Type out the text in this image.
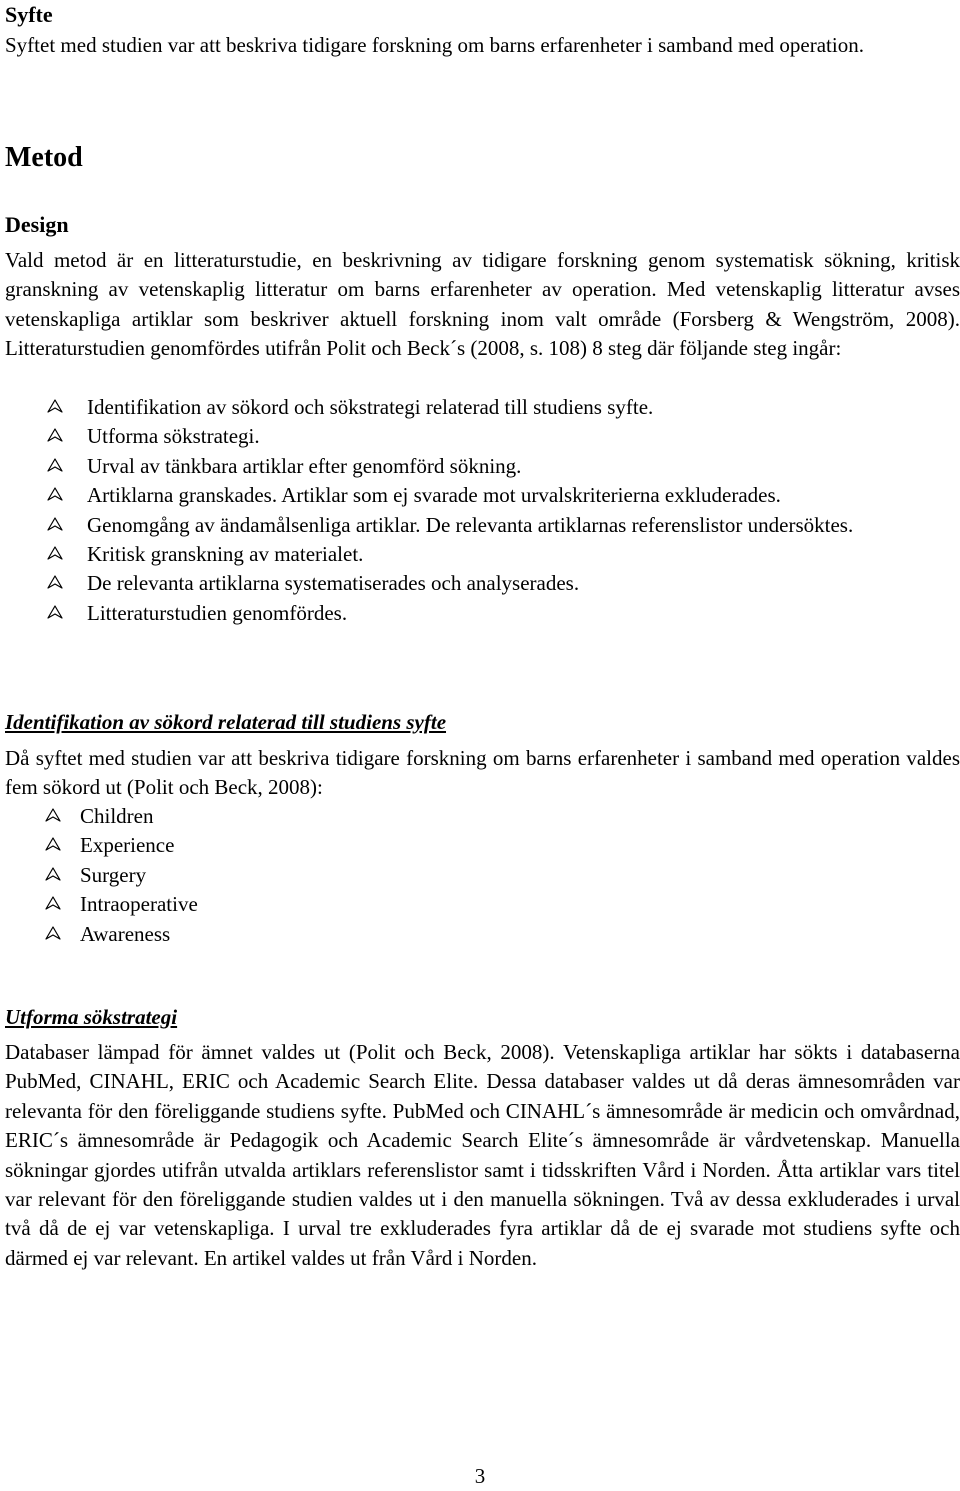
Syfte
Syftet med studien var att beskriva tidigare forskning om barns erfarenheter i samband med operation.
Metod
Design
Vald metod är en litteraturstudie, en beskrivning av tidigare forskning genom systematisk sökning, kritisk granskning av vetenskaplig litteratur om barns erfarenheter av operation. Med vetenskaplig litteratur avses vetenskapliga artiklar som beskriver aktuell forskning inom valt område (Forsberg & Wengström, 2008). Litteraturstudien genomfördes utifrån Polit och Beck´s (2008, s. 108) 8 steg där följande steg ingår:
Identifikation av sökord och sökstrategi relaterad till studiens syfte.
Utforma sökstrategi.
Urval av tänkbara artiklar efter genomförd sökning.
Artiklarna granskades. Artiklar som ej svarade mot urvalskriterierna exkluderades.
Genomgång av ändamålsenliga artiklar. De relevanta artiklarnas referenslistor undersöktes.
Kritisk granskning av materialet.
De relevanta artiklarna systematiserades och analyserades.
Litteraturstudien genomfördes.
Identifikation av sökord relaterad till studiens syfte
Då syftet med studien var att beskriva tidigare forskning om barns erfarenheter i samband med operation valdes fem sökord ut (Polit och Beck, 2008):
Children
Experience
Surgery
Intraoperative
Awareness
Utforma sökstrategi
Databaser lämpad för ämnet valdes ut (Polit och Beck, 2008). Vetenskapliga artiklar har sökts i databaserna PubMed, CINAHL, ERIC och Academic Search Elite. Dessa databaser valdes ut då deras ämnesområden var relevanta för den föreliggande studiens syfte. PubMed och CINAHL´s ämnesområde är medicin och omvårdnad, ERIC´s ämnesområde är Pedagogik och Academic Search Elite´s ämnesområde är vårdvetenskap. Manuella sökningar gjordes utifrån utvalda artiklars referenslistor samt i tidsskriften Vård i Norden. Åtta artiklar vars titel var relevant för den föreliggande studien valdes ut i den manuella sökningen. Två av dessa exkluderades i urval två då de ej var vetenskapliga. I urval tre exkluderades fyra artiklar då de ej svarade mot studiens syfte och därmed ej var relevant. En artikel valdes ut från Vård i Norden.
3
